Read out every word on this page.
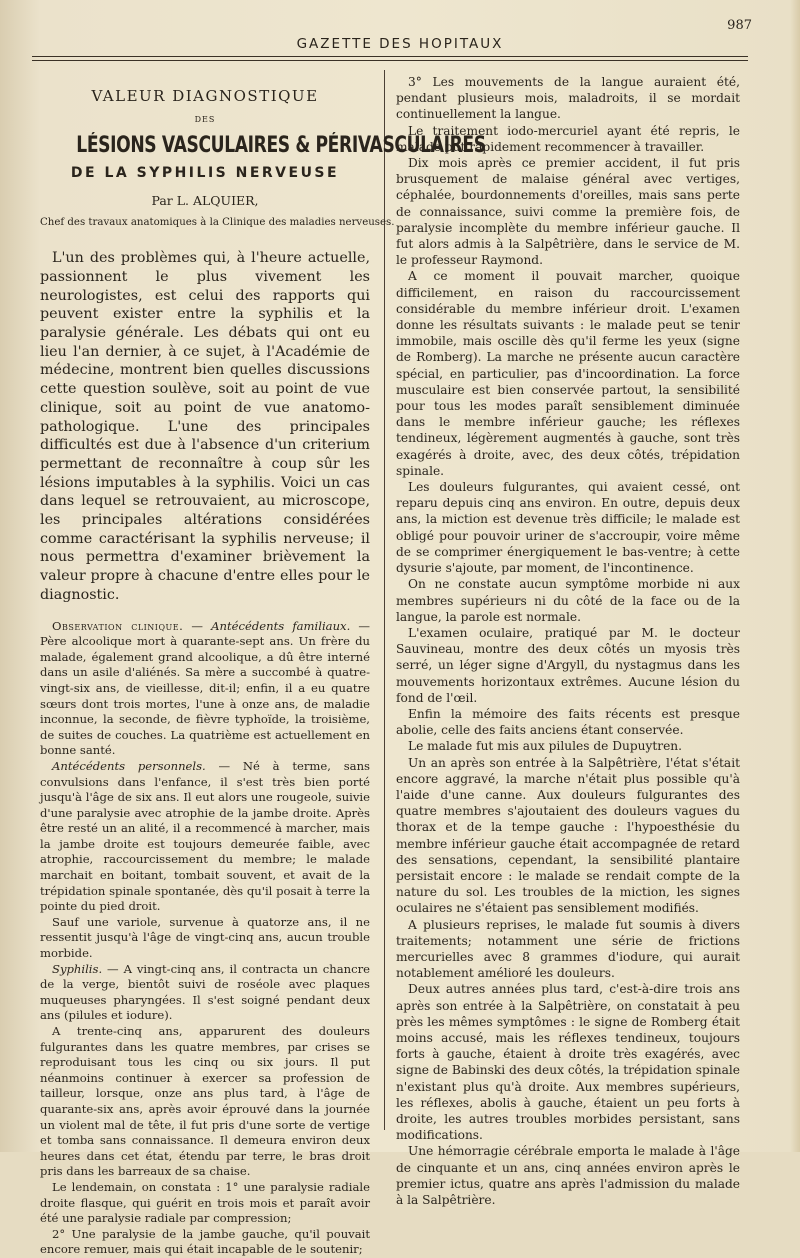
987
GAZETTE DES HOPITAUX
VALEUR DIAGNOSTIQUE
DES
LÉSIONS VASCULAIRES & PÉRIVASCULAIRES
DE LA SYPHILIS NERVEUSE
Par L. ALQUIER,
Chef des travaux anatomiques à la Clinique des maladies nerveuses.

L'un des problèmes qui, à l'heure actuelle, passionnent le plus vivement les neurologistes, est celui des rapports qui peuvent exister entre la syphilis et la paralysie générale. Les débats qui ont eu lieu l'an dernier, à ce sujet, à l'Académie de médecine, montrent bien quelles discussions cette question soulève, soit au point de vue clinique, soit au point de vue anatomo-pathologique. L'une des principales difficultés est due à l'absence d'un criterium permettant de reconnaître à coup sûr les lésions imputables à la syphilis. Voici un cas dans lequel se retrouvaient, au microscope, les principales altérations considérées comme caractérisant la syphilis nerveuse; il nous permettra d'examiner brièvement la valeur propre à chacune d'entre elles pour le diagnostic.

Observation clinique. — Antécédents familiaux. — Père alcoolique mort à quarante-sept ans. Un frère du malade, également grand alcoolique, a dû être interné dans un asile d'aliénés. Sa mère a succombé à quatre-vingt-six ans, de vieillesse, dit-il; enfin, il a eu quatre sœurs dont trois mortes, l'une à onze ans, de maladie inconnue, la seconde, de fièvre typhoïde, la troisième, de suites de couches. La quatrième est actuellement en bonne santé.

Antécédents personnels. — Né à terme, sans convulsions dans l'enfance, il s'est très bien porté jusqu'à l'âge de six ans. Il eut alors une rougeole, suivie d'une paralysie avec atrophie de la jambe droite. Après être resté un an alité, il a recommencé à marcher, mais la jambe droite est toujours demeurée faible, avec atrophie, raccourcissement du membre; le malade marchait en boitant, tombait souvent, et avait de la trépidation spinale spontanée, dès qu'il posait à terre la pointe du pied droit.

Sauf une variole, survenue à quatorze ans, il ne ressentit jusqu'à l'âge de vingt-cinq ans, aucun trouble morbide.

Syphilis. — A vingt-cinq ans, il contracta un chancre de la verge, bientôt suivi de roséole avec plaques muqueuses pharyngées. Il s'est soigné pendant deux ans (pilules et iodure).

A trente-cinq ans, apparurent des douleurs fulgurantes dans les quatre membres, par crises se reproduisant tous les cinq ou six jours. Il put néanmoins continuer à exercer sa profession de tailleur, lorsque, onze ans plus tard, à l'âge de quarante-six ans, après avoir éprouvé dans la journée un violent mal de tête, il fut pris d'une sorte de vertige et tomba sans connaissance. Il demeura environ deux heures dans cet état, étendu par terre, le bras droit pris dans les barreaux de sa chaise.

Le lendemain, on constata : 1° une paralysie radiale droite flasque, qui guérit en trois mois et paraît avoir été une paralysie radiale par compression;

2° Une paralysie de la jambe gauche, qu'il pouvait encore remuer, mais qui était incapable de le soutenir;

3° Les mouvements de la langue auraient été, pendant plusieurs mois, maladroits, il se mordait continuellement la langue.

Le traitement iodo-mercuriel ayant été repris, le malade put rapidement recommencer à travailler.

Dix mois après ce premier accident, il fut pris brusquement de malaise général avec vertiges, céphalée, bourdonnements d'oreilles, mais sans perte de connaissance, suivi comme la première fois, de paralysie incomplète du membre inférieur gauche. Il fut alors admis à la Salpêtrière, dans le service de M. le professeur Raymond.

A ce moment il pouvait marcher, quoique difficilement, en raison du raccourcissement considérable du membre inférieur droit. L'examen donne les résultats suivants : le malade peut se tenir immobile, mais oscille dès qu'il ferme les yeux (signe de Romberg). La marche ne présente aucun caractère spécial, en particulier, pas d'incoordination. La force musculaire est bien conservée partout, la sensibilité pour tous les modes paraît sensiblement diminuée dans le membre inférieur gauche; les réflexes tendineux, légèrement augmentés à gauche, sont très exagérés à droite, avec, des deux côtés, trépidation spinale.

Les douleurs fulgurantes, qui avaient cessé, ont reparu depuis cinq ans environ. En outre, depuis deux ans, la miction est devenue très difficile; le malade est obligé pour pouvoir uriner de s'accroupir, voire même de se comprimer énergiquement le bas-ventre; à cette dysurie s'ajoute, par moment, de l'incontinence.

On ne constate aucun symptôme morbide ni aux membres supérieurs ni du côté de la face ou de la langue, la parole est normale.

L'examen oculaire, pratiqué par M. le docteur Sauvineau, montre des deux côtés un myosis très serré, un léger signe d'Argyll, du nystagmus dans les mouvements horizontaux extrêmes. Aucune lésion du fond de l'œil.

Enfin la mémoire des faits récents est presque abolie, celle des faits anciens étant conservée.

Le malade fut mis aux pilules de Dupuytren.

Un an après son entrée à la Salpêtrière, l'état s'était encore aggravé, la marche n'était plus possible qu'à l'aide d'une canne. Aux douleurs fulgurantes des quatre membres s'ajoutaient des douleurs vagues du thorax et de la tempe gauche : l'hypoesthésie du membre inférieur gauche était accompagnée de retard des sensations, cependant, la sensibilité plantaire persistait encore : le malade se rendait compte de la nature du sol. Les troubles de la miction, les signes oculaires ne s'étaient pas sensiblement modifiés.

A plusieurs reprises, le malade fut soumis à divers traitements; notamment une série de frictions mercurielles avec 8 grammes d'iodure, qui aurait notablement amélioré les douleurs.

Deux autres années plus tard, c'est-à-dire trois ans après son entrée à la Salpêtrière, on constatait à peu près les mêmes symptômes : le signe de Romberg était moins accusé, mais les réflexes tendineux, toujours forts à gauche, étaient à droite très exagérés, avec signe de Babinski des deux côtés, la trépidation spinale n'existant plus qu'à droite. Aux membres supérieurs, les réflexes, abolis à gauche, étaient un peu forts à droite, les autres troubles morbides persistant, sans modifications.

Une hémorragie cérébrale emporta le malade à l'âge de cinquante et un ans, cinq années environ après le premier ictus, quatre ans après l'admission du malade à la Salpêtrière.
